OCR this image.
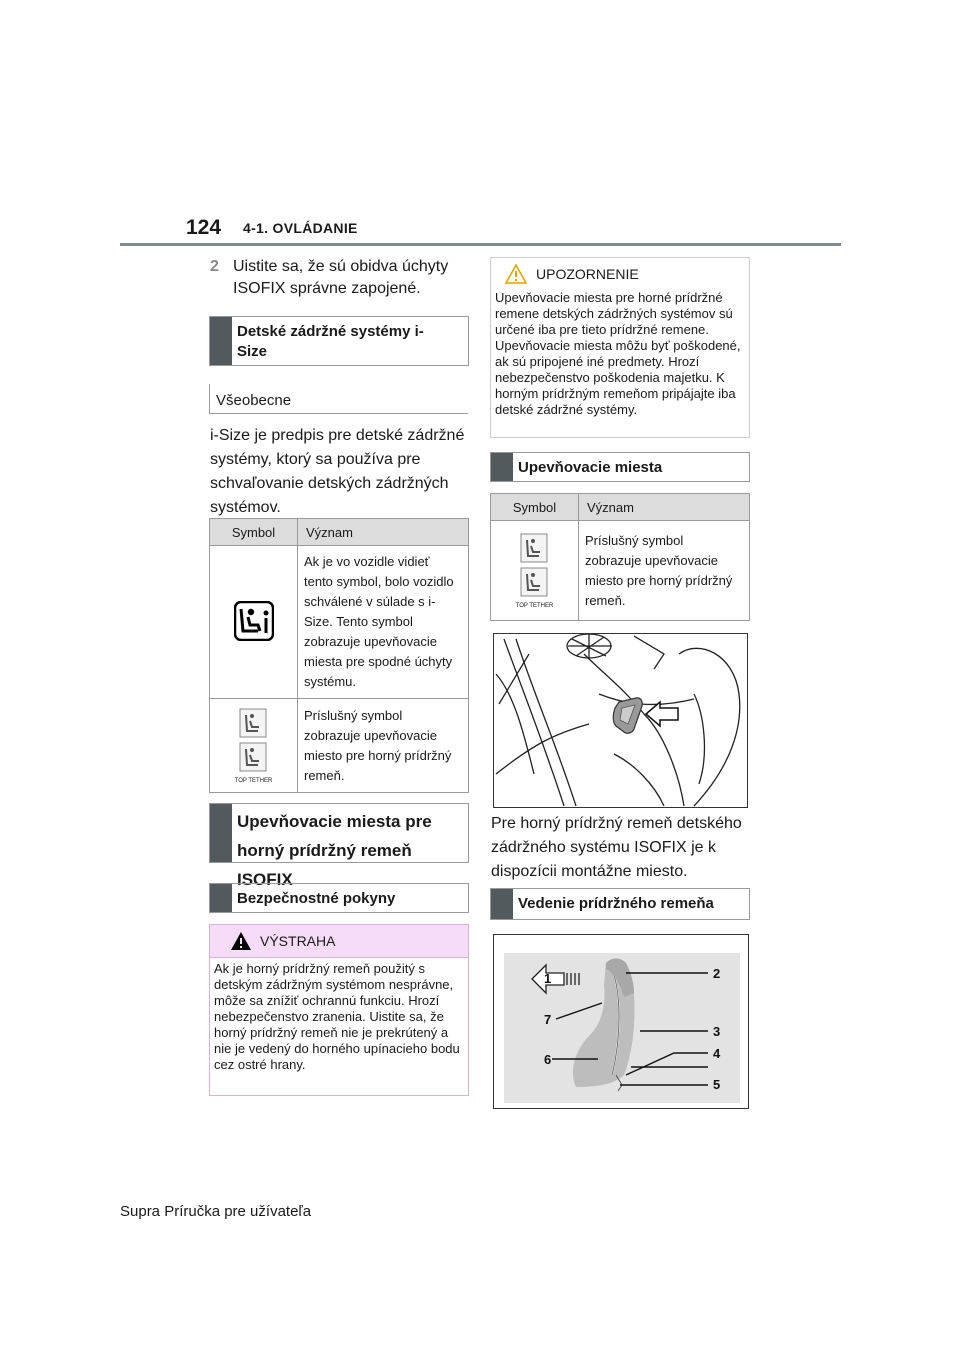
124 4-1. OVLÁDANIE
2 Uistite sa, že sú obidva úchyty ISOFIX správne zapojené.
Detské zádržné systémy i-Size
Všeobecne
i-Size je predpis pre detské zádržné systémy, ktorý sa používa pre schvaľovanie detských zádržných systémov.
Symbol	Význam
	Ak je vo vozidle vidieť tento symbol, bolo vozidlo schválené v súlade s i-Size. Tento symbol zobrazuje upevňovacie miesta pre spodné úchyty systému.

TOP TETHER	Príslušný symbol zobrazuje upevňovacie miesto pre horný prídržný remeň.
Upevňovacie miesta pre horný prídržný remeň ISOFIX
Bezpečnostné pokyny
VÝSTRAHA
Ak je horný prídržný remeň použitý s detským zádržným systémom nesprávne, môže sa znížiť ochrannú funkciu. Hrozí nebezpečenstvo zranenia. Uistite sa, že horný prídržný remeň nie je prekrútený a nie je vedený do horného upínacieho bodu cez ostré hrany.
UPOZORNENIE
Upevňovacie miesta pre horné prídržné remene detských zádržných systémov sú určené iba pre tieto prídržné remene. Upevňovacie miesta môžu byť poškodené, ak sú pripojené iné predmety. Hrozí nebezpečenstvo poškodenia majetku. K horným prídržným remeňom pripájajte iba detské zádržné systémy.
Upevňovacie miesta
Symbol	Význam

TOP TETHER	Príslušný symbol zobrazuje upevňovacie miesto pre horný prídržný remeň.
Pre horný prídržný remeň detského zádržného systému ISOFIX je k dispozícii montážne miesto.
Vedenie prídržného remeňa
1	2
3
4
5
6
7
Supra Príručka pre užívateľa
